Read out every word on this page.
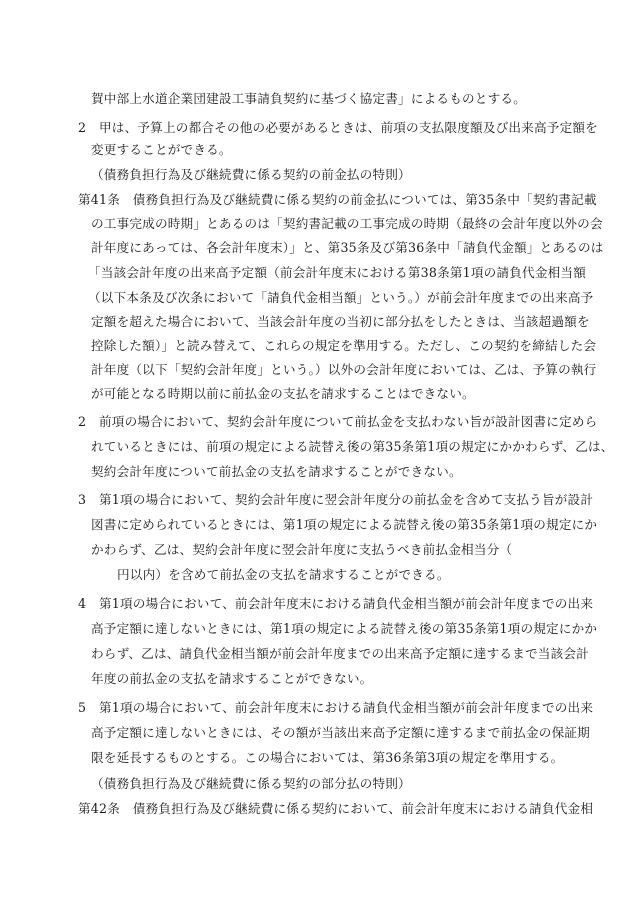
賀中部上水道企業団建設工事請負契約に基づく協定書」によるものとする。
2　甲は、予算上の都合その他の必要があるときは、前項の支払限度額及び出来高予定額を
変更することができる。
（債務負担行為及び継続費に係る契約の前金払の特則）
第41条　債務負担行為及び継続費に係る契約の前金払については、第35条中「契約書記載
の工事完成の時期」とあるのは「契約書記載の工事完成の時期（最終の会計年度以外の会
計年度にあっては、各会計年度末）」と、第35条及び第36条中「請負代金額」とあるのは
「当該会計年度の出来高予定額（前会計年度末における第38条第1項の請負代金相当額
（以下本条及び次条において「請負代金相当額」という。）が前会計年度までの出来高予
定額を超えた場合において、当該会計年度の当初に部分払をしたときは、当該超過額を
控除した額）」と読み替えて、これらの規定を準用する。ただし、この契約を締結した会
計年度（以下「契約会計年度」という。）以外の会計年度においては、乙は、予算の執行
が可能となる時期以前に前払金の支払を請求することはできない。
2　前項の場合において、契約会計年度について前払金を支払わない旨が設計図書に定めら
れているときには、前項の規定による読替え後の第35条第1項の規定にかかわらず、乙は、
契約会計年度について前払金の支払を請求することができない。
3　第1項の場合において、契約会計年度に翌会計年度分の前払金を含めて支払う旨が設計
図書に定められているときには、第1項の規定による読替え後の第35条第1項の規定にか
かわらず、乙は、契約会計年度に翌会計年度に支払うべき前払金相当分（
円以内）を含めて前払金の支払を請求することができる。
4　第1項の場合において、前会計年度末における請負代金相当額が前会計年度までの出来
高予定額に達しないときには、第1項の規定による読替え後の第35条第1項の規定にかか
わらず、乙は、請負代金相当額が前会計年度までの出来高予定額に達するまで当該会計
年度の前払金の支払を請求することができない。
5　第1項の場合において、前会計年度末における請負代金相当額が前会計年度までの出来
高予定額に達しないときには、その額が当該出来高予定額に達するまで前払金の保証期
限を延長するものとする。この場合においては、第36条第3項の規定を準用する。
（債務負担行為及び継続費に係る契約の部分払の特則）
第42条　債務負担行為及び継続費に係る契約において、前会計年度末における請負代金相
